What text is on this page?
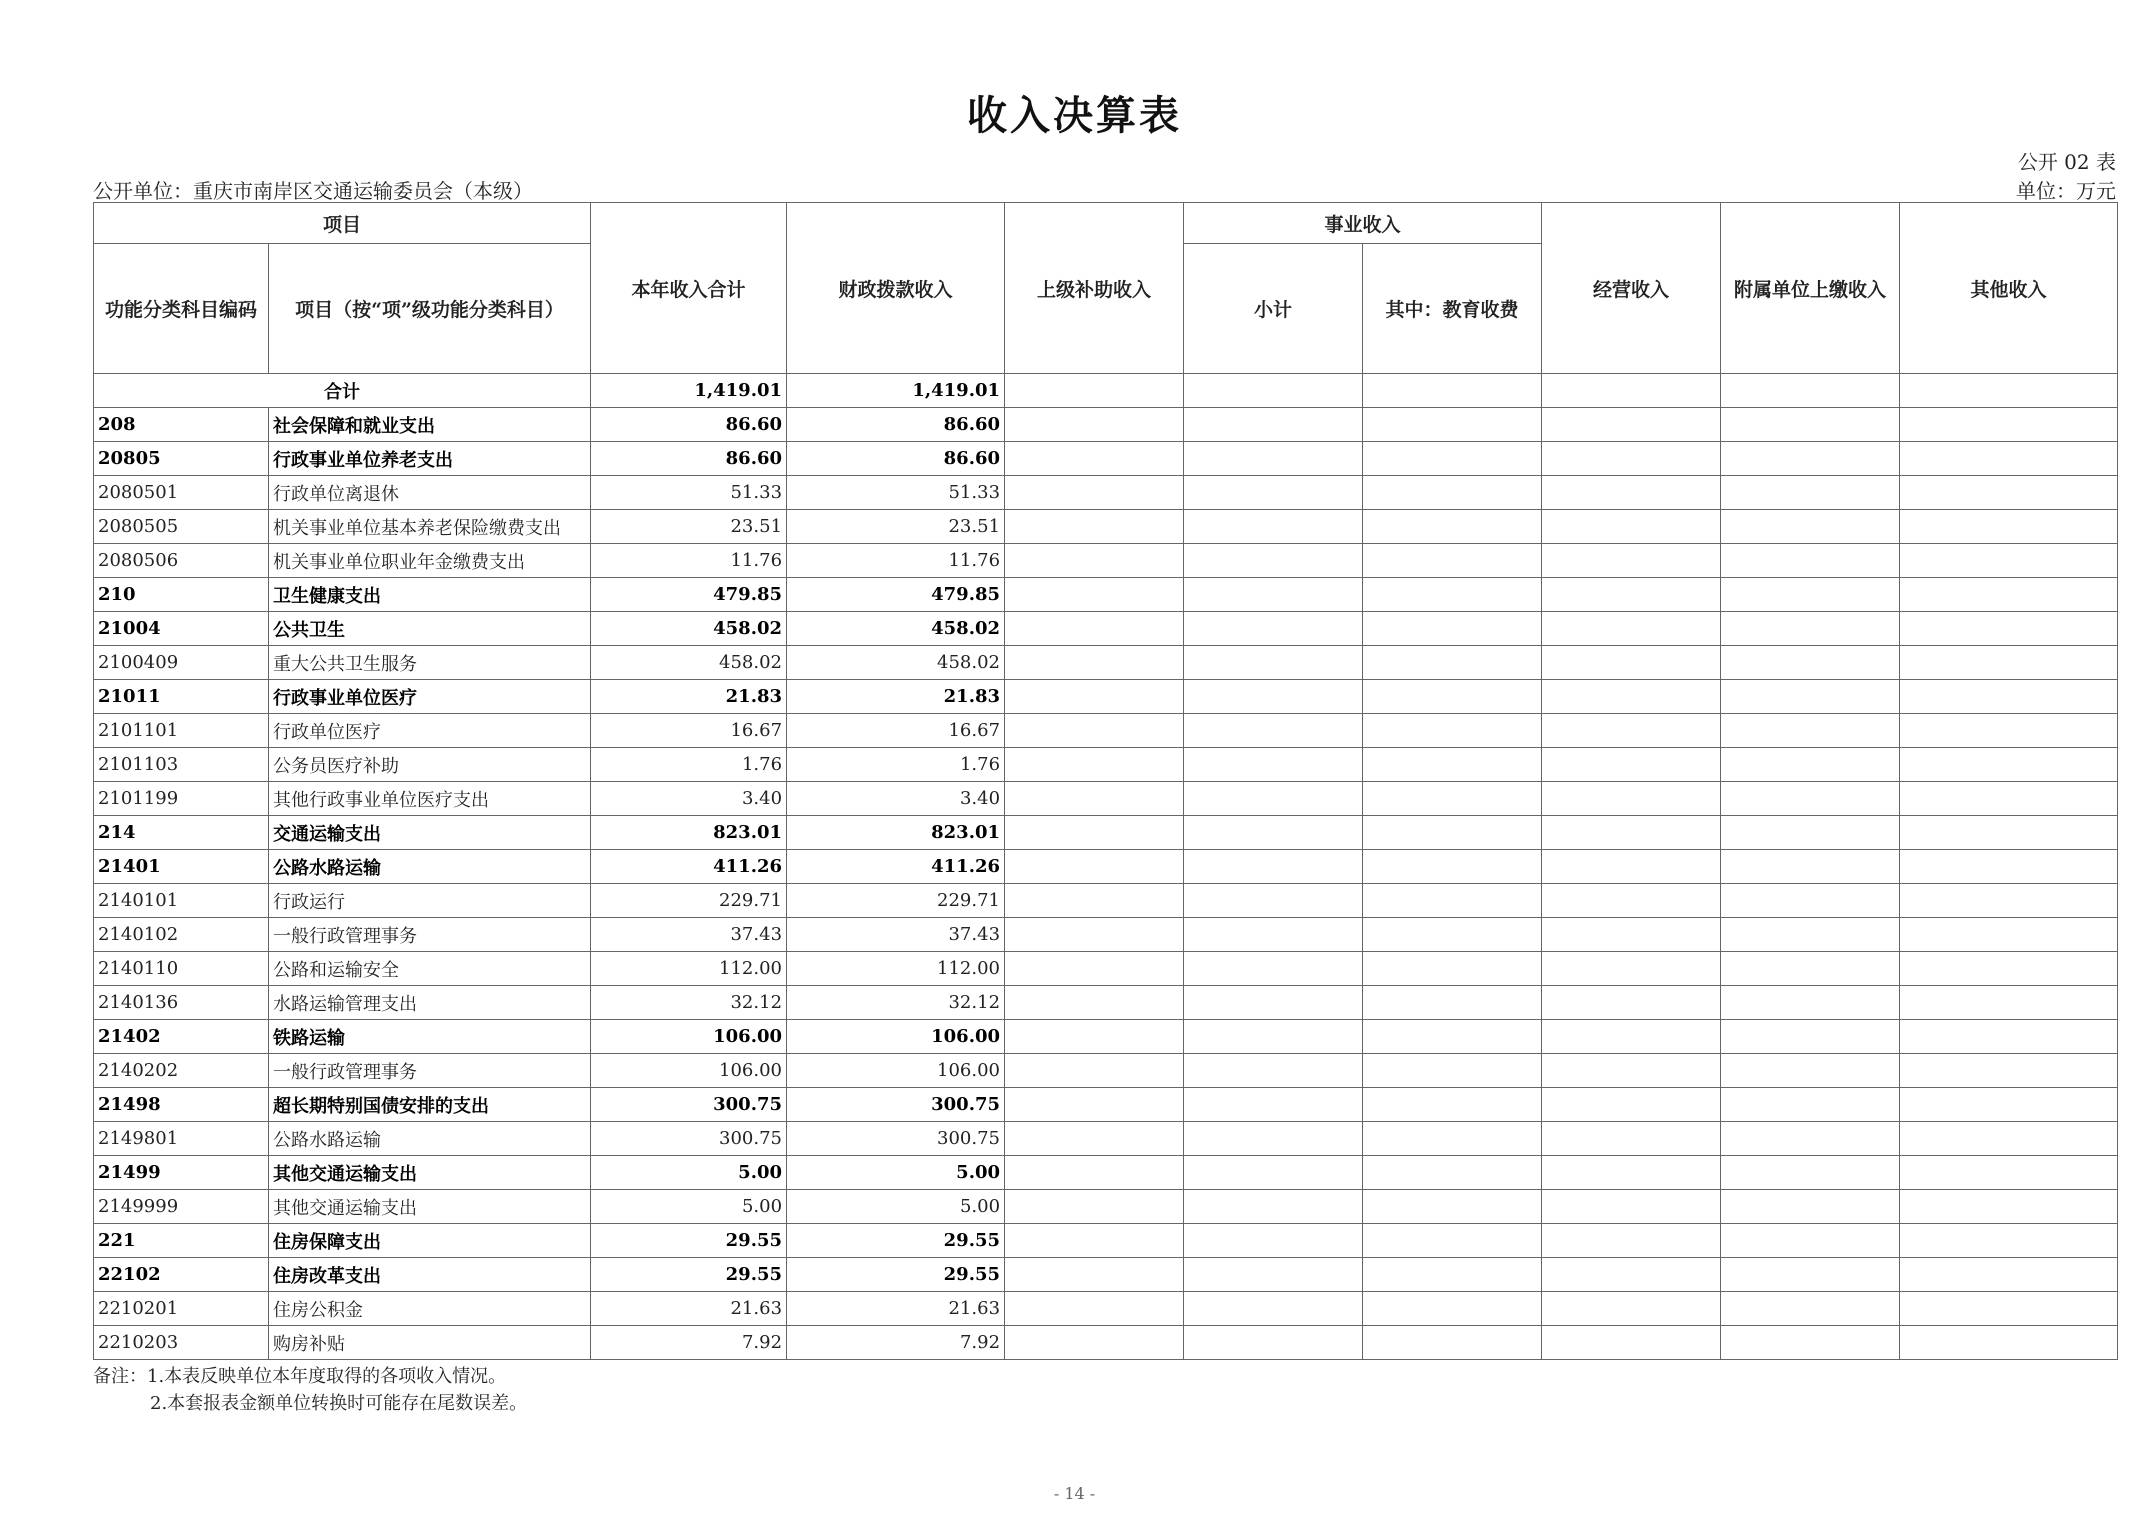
收入决算表
公开 02 表
公开单位：重庆市南岸区交通运输委员会（本级）	单位：万元
项目		本年收入合计	财政拨款收入	上级补助收入	事业收入		经营收入	附属单位上缴收入	其他收入
功能分类科目编码	项目（按“项”级功能分类科目）				小计	其中：教育收费			
合计		1,419.01	1,419.01						
208	社会保障和就业支出	86.60	86.60						
20805	行政事业单位养老支出	86.60	86.60						
2080501	行政单位离退休	51.33	51.33						
2080505	机关事业单位基本养老保险缴费支出	23.51	23.51						
2080506	机关事业单位职业年金缴费支出	11.76	11.76						
210	卫生健康支出	479.85	479.85						
21004	公共卫生	458.02	458.02						
2100409	重大公共卫生服务	458.02	458.02						
21011	行政事业单位医疗	21.83	21.83						
2101101	行政单位医疗	16.67	16.67						
2101103	公务员医疗补助	1.76	1.76						
2101199	其他行政事业单位医疗支出	3.40	3.40						
214	交通运输支出	823.01	823.01						
21401	公路水路运输	411.26	411.26						
2140101	行政运行	229.71	229.71						
2140102	一般行政管理事务	37.43	37.43						
2140110	公路和运输安全	112.00	112.00						
2140136	水路运输管理支出	32.12	32.12						
21402	铁路运输	106.00	106.00						
2140202	一般行政管理事务	106.00	106.00						
21498	超长期特别国债安排的支出	300.75	300.75						
2149801	公路水路运输	300.75	300.75						
21499	其他交通运输支出	5.00	5.00						
2149999	其他交通运输支出	5.00	5.00						
221	住房保障支出	29.55	29.55						
22102	住房改革支出	29.55	29.55						
2210201	住房公积金	21.63	21.63						
2210203	购房补贴	7.92	7.92						
备注：1.本表反映单位本年度取得的各项收入情况。
2.本套报表金额单位转换时可能存在尾数误差。
- 14 -
